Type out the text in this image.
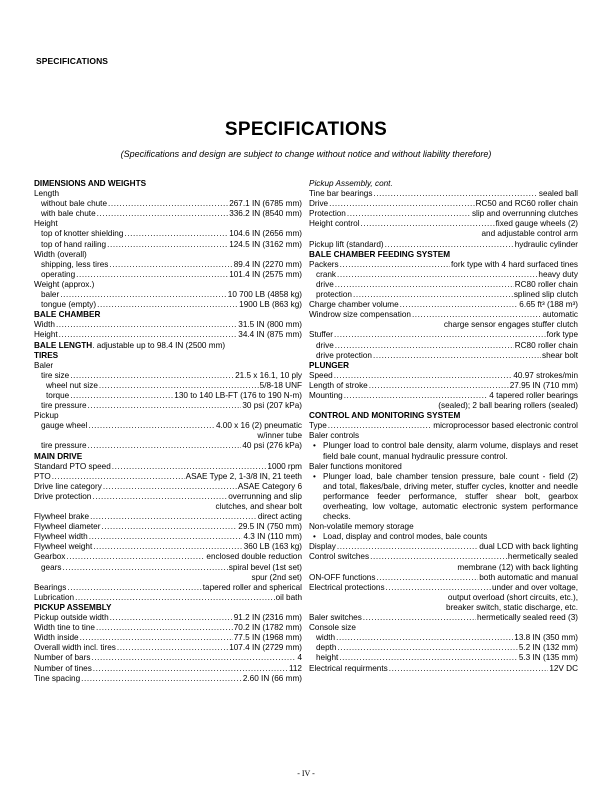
SPECIFICATIONS
SPECIFICATIONS
(Specifications and design are subject to change without notice and without liability therefore)
DIMENSIONS AND WEIGHTS
Length
without bale chute .....	267.1 IN (6785 mm)
with bale chute .....	336.2 IN (8540 mm)
Height
top of knotter shielding .....	104.6 IN (2656 mm)
top of hand railing .....	124.5 IN (3162 mm)
Width (overall)
shipping, less tires .....	89.4 IN (2270 mm)
operating .....	101.4 IN (2575 mm)
Weight (approx.)
baler .....	10 700 LB (4858 kg)
tongue (empty) .....	1900 LB (863 kg)
BALE CHAMBER
Width .....	31.5 IN (800 mm)
Height .....	34.4 IN (875 mm)
BALE LENGTH. adjustable up to 98.4 IN (2500 mm)
TIRES
Baler
tire size .....	21.5 x 16.1, 10 ply
wheel nut size .....	5/8-18 UNF
torque .....	130 to 140 LB-FT (176 to 190 N-m)
tire pressure .....	30 psi (207 kPa)
Pickup
gauge wheel .....	4.00 x 16 (2) pneumatic
w/inner tube
tire pressure .....	40 psi (276 kPa)
MAIN DRIVE
Standard PTO speed .....	1000 rpm
PTO .....	ASAE Type 2, 1-3/8 IN, 21 teeth
Drive line category .....	ASAE Category 6
Drive protection .....	overrunning and slip
clutches, and shear bolt
Flywheel brake .....	direct acting
Flywheel diameter .....	29.5 IN (750 mm)
Flywheel width .....	4.3 IN (110 mm)
Flywheel weight .....	360 LB (163 kg)
Gearbox .....	enclosed double reduction
gears .....	spiral bevel (1st set)
spur (2nd set)
Bearings .....	tapered roller and spherical
Lubrication .....	oil bath
PICKUP ASSEMBLY
Pickup outside width .....	91.2 IN (2316 mm)
Width tine to tine .....	70.2 IN (1782 mm)
Width inside .....	77.5 IN (1968 mm)
Overall width incl. tires .....	107.4 IN (2729 mm)
Number of bars .....	4
Number of tines .....	112
Tine spacing .....	2.60 IN (66 mm)
Pickup Assembly, cont.
Tine bar bearings .....	sealed ball
Drive .....	RC50 and RC60 roller chain
Protection .....	slip and overrunning clutches
Height control .....	fixed gauge wheels (2)
and adjustable control arm
Pickup lift (standard) .....	hydraulic cylinder
BALE CHAMBER FEEDING SYSTEM
Packers .....	fork type with 4 hard surfaced tines
crank .....	heavy duty
drive .....	RC80 roller chain
protection .....	splined slip clutch
Charge chamber volume .....	6.65 ft³ (188 m³)
Windrow size compensation .....	automatic
charge sensor engages stuffer clutch
Stuffer .....	fork type
drive .....	RC80 roller chain
drive protection .....	shear bolt
PLUNGER
Speed .....	40.97 strokes/min
Length of stroke .....	27.95 IN (710 mm)
Mounting .....	4 tapered roller bearings
(sealed); 2 ball bearing rollers (sealed)
CONTROL AND MONITORING SYSTEM
Type .....	microprocessor based electronic control
Baler controls
• Plunger load to control bale density, alarm volume, displays and reset field bale count, manual hydraulic pressure control.
Baler functions monitored
• Plunger load, bale chamber tension pressure, bale count - field (2) and total, flakes/bale, driving meter, stuffer cycles, knotter and needle performance feeder performance, stuffer shear bolt, gearbox overheating, low voltage, automatic electronic system performance checks.
Non-volatile memory storage
• Load, display and control modes, bale counts
Display .....	dual LCD with back lighting
Control switches .....	hermetically sealed
membrane (12) with back lighting
ON-OFF functions .....	both automatic and manual
Electrical protections .....	under and over voltage,
output overload (short circuits, etc.),
breaker switch, static discharge, etc.
Baler switches .....	hermetically sealed reed (3)
Console size
width .....	13.8 IN (350 mm)
depth .....	5.2 IN (132 mm)
height .....	5.3 IN (135 mm)
Electrical requirments .....	12V DC
- IV -
